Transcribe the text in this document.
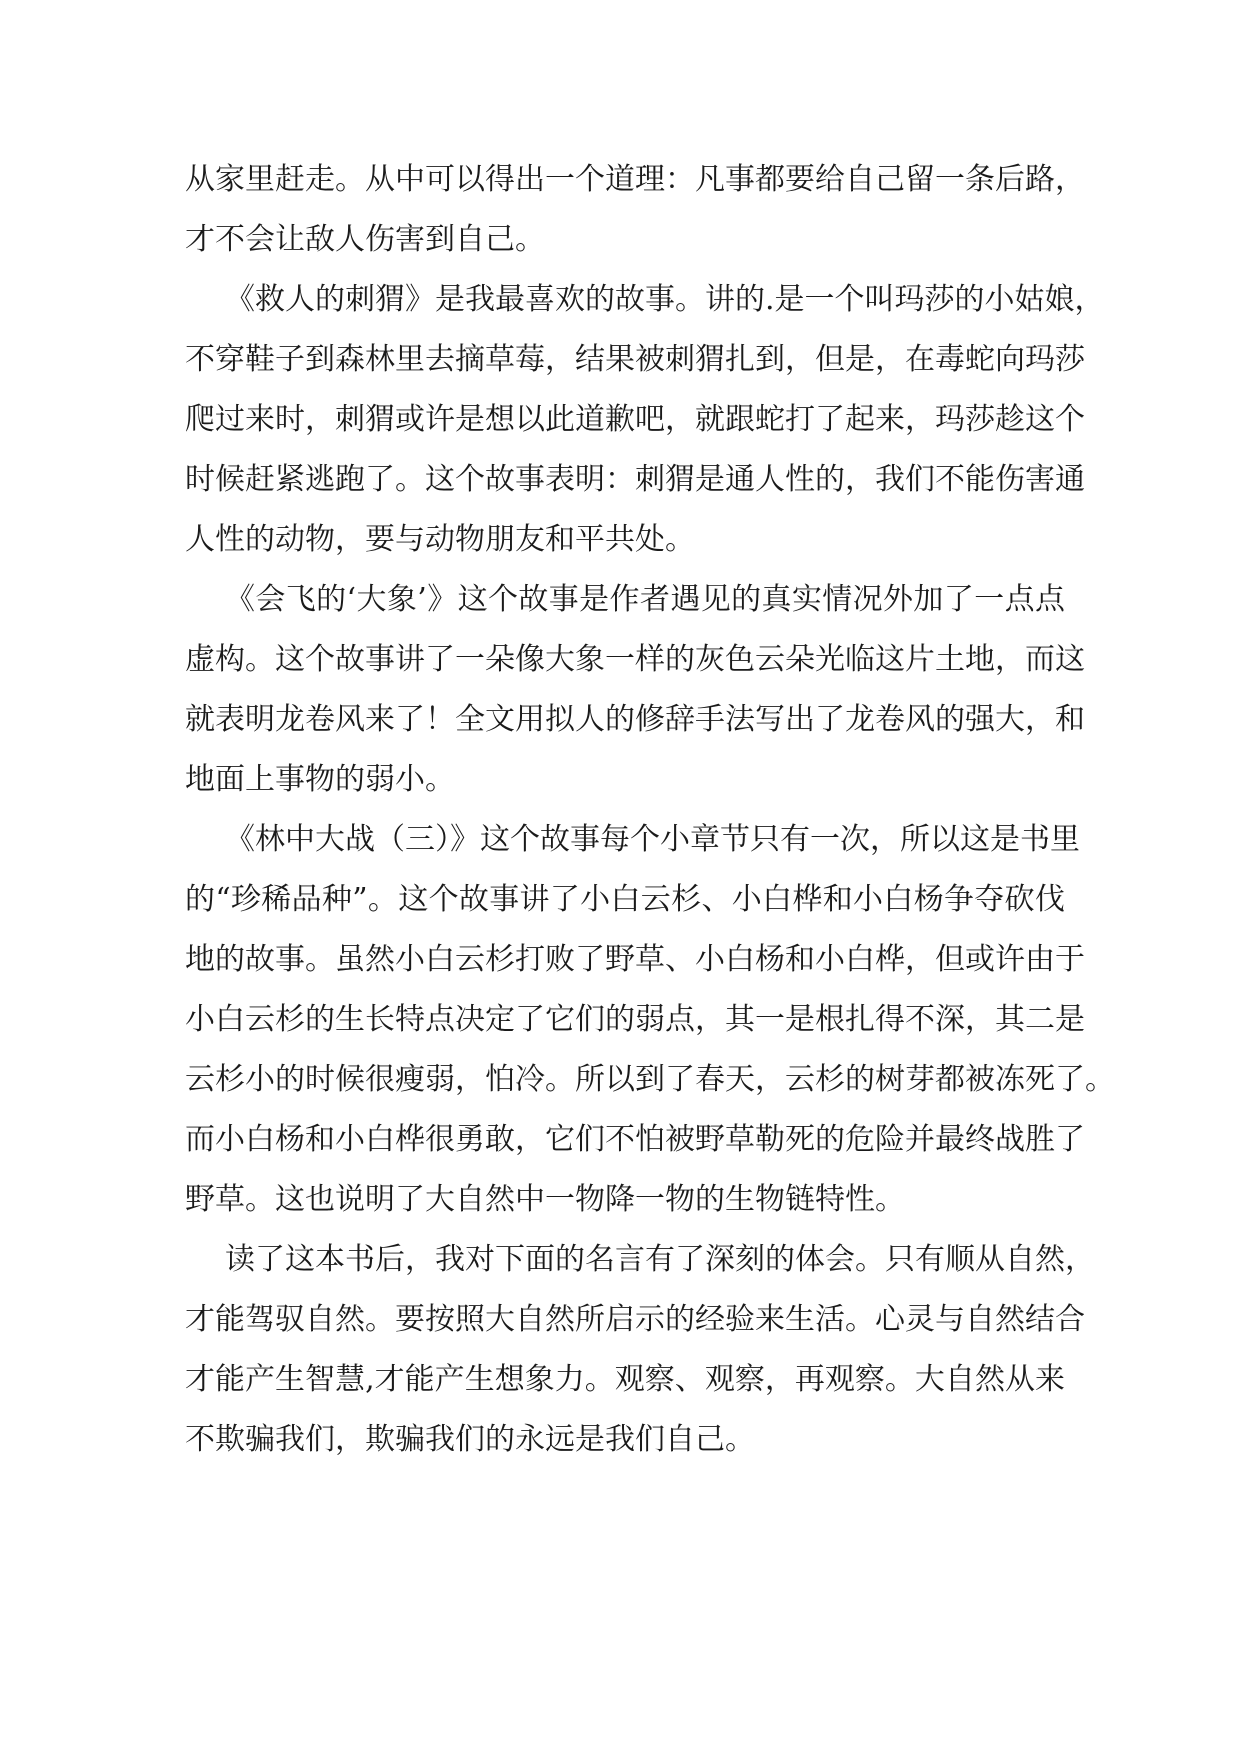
从家里赶走。从中可以得出一个道理：凡事都要给自己留一条后路，
才不会让敌人伤害到自己。
《救人的刺猬》是我最喜欢的故事。讲的.是一个叫玛莎的小姑娘，
不穿鞋子到森林里去摘草莓，结果被刺猬扎到，但是，在毒蛇向玛莎
爬过来时，刺猬或许是想以此道歉吧，就跟蛇打了起来，玛莎趁这个
时候赶紧逃跑了。这个故事表明：刺猬是通人性的，我们不能伤害通
人性的动物，要与动物朋友和平共处。
《会飞的‘大象’》这个故事是作者遇见的真实情况外加了一点点
虚构。这个故事讲了一朵像大象一样的灰色云朵光临这片土地，而这
就表明龙卷风来了！全文用拟人的修辞手法写出了龙卷风的强大，和
地面上事物的弱小。
《林中大战（三）》这个故事每个小章节只有一次，所以这是书里
的“珍稀品种”。这个故事讲了小白云杉、小白桦和小白杨争夺砍伐
地的故事。虽然小白云杉打败了野草、小白杨和小白桦，但或许由于
小白云杉的生长特点决定了它们的弱点，其一是根扎得不深，其二是
云杉小的时候很瘦弱，怕冷。所以到了春天，云杉的树芽都被冻死了。
而小白杨和小白桦很勇敢，它们不怕被野草勒死的危险并最终战胜了
野草。这也说明了大自然中一物降一物的生物链特性。
读了这本书后，我对下面的名言有了深刻的体会。只有顺从自然，
才能驾驭自然。要按照大自然所启示的经验来生活。心灵与自然结合
才能产生智慧,才能产生想象力。观察、观察，再观察。大自然从来
不欺骗我们，欺骗我们的永远是我们自己。
